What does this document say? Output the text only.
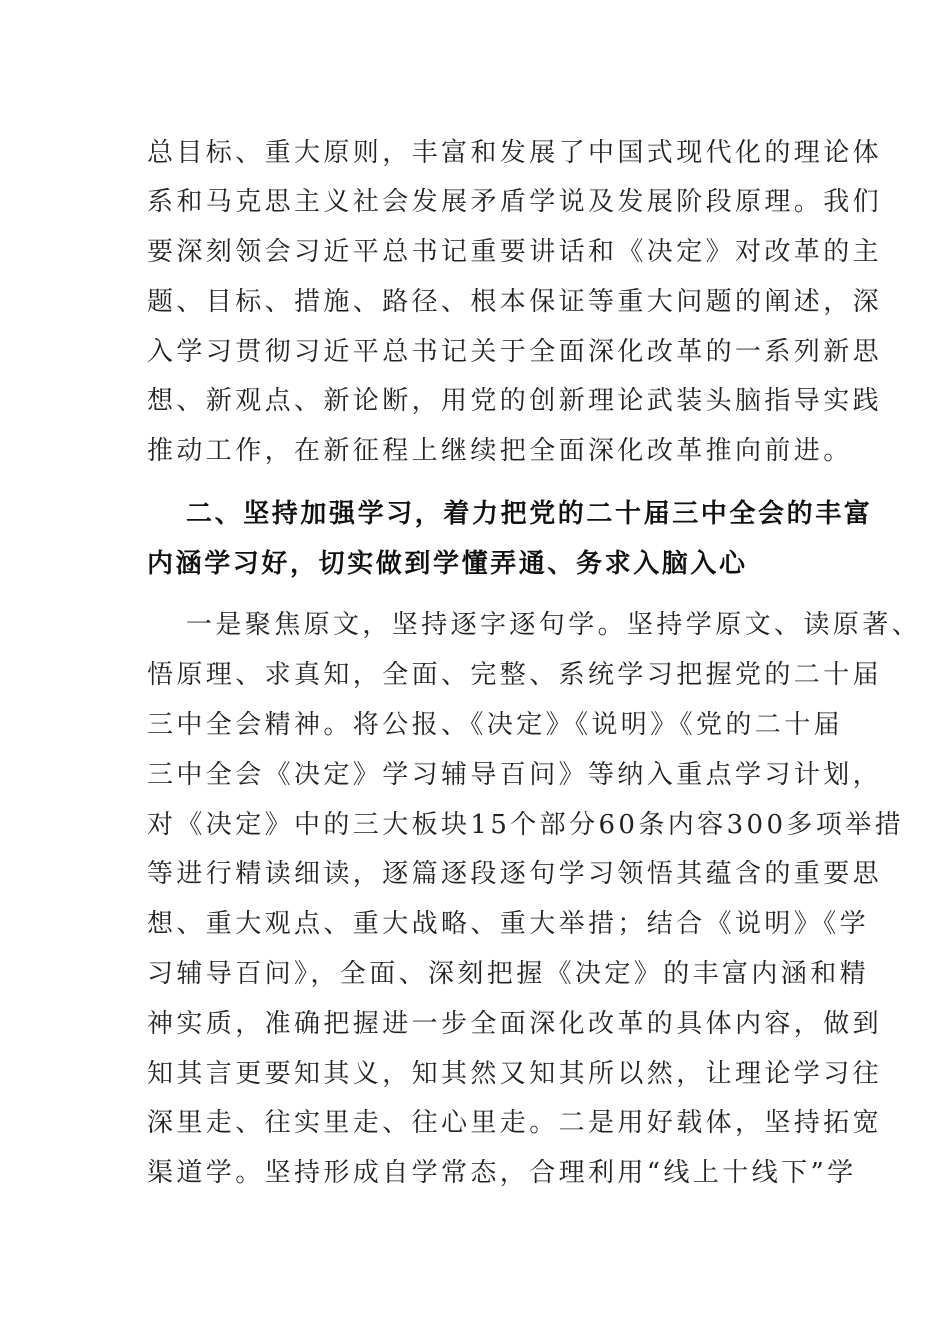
总目标、重大原则，丰富和发展了中国式现代化的理论体
系和马克思主义社会发展矛盾学说及发展阶段原理。我们
要深刻领会习近平总书记重要讲话和《决定》对改革的主
题、目标、措施、路径、根本保证等重大问题的阐述，深
入学习贯彻习近平总书记关于全面深化改革的一系列新思
想、新观点、新论断，用党的创新理论武装头脑指导实践
推动工作，在新征程上继续把全面深化改革推向前进。
二、坚持加强学习，着力把党的二十届三中全会的丰富
内涵学习好，切实做到学懂弄通、务求入脑入心
一是聚焦原文，坚持逐字逐句学。坚持学原文、读原著、
悟原理、求真知，全面、完整、系统学习把握党的二十届
三中全会精神。将公报、《决定》《说明》《党的二十届
三中全会《决定》学习辅导百问》等纳入重点学习计划，
对《决定》中的三大板块15个部分60条内容300多项举措
等进行精读细读，逐篇逐段逐句学习领悟其蕴含的重要思
想、重大观点、重大战略、重大举措；结合《说明》《学
习辅导百问》，全面、深刻把握《决定》的丰富内涵和精
神实质，准确把握进一步全面深化改革的具体内容，做到
知其言更要知其义，知其然又知其所以然，让理论学习往
深里走、往实里走、往心里走。二是用好载体，坚持拓宽
渠道学。坚持形成自学常态，合理利用“线上十线下”学
